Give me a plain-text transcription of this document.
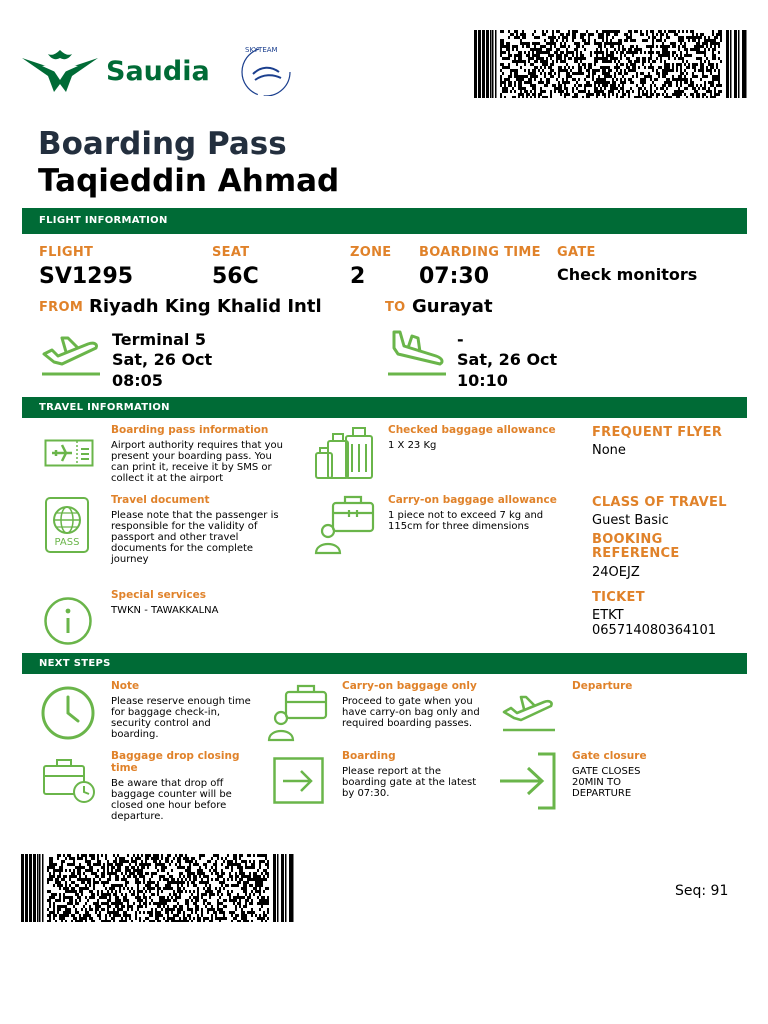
Saudia
SKYTEAM
Boarding Pass
Taqieddin Ahmad
FLIGHT INFORMATION
FLIGHT
SV1295
SEAT
56C
ZONE
2
BOARDING TIME
07:30
GATE
Check monitors
FROM Riyadh King Khalid Intl	TO Gurayat
Terminal 5
Sat, 26 Oct
08:05
-
Sat, 26 Oct
10:10
TRAVEL INFORMATION
Boarding pass information
Airport authority requires that you present your boarding pass. You can print it, receive it by SMS or collect it at the airport
PASS
Travel document
Please note that the passenger is responsible for the validity of passport and other travel documents for the complete journey
Special services
TWKN - TAWAKKALNA
Checked baggage allowance
1 X 23 Kg
Carry-on baggage allowance
1 piece not to exceed 7 kg and 115cm for three dimensions
FREQUENT FLYER
None
CLASS OF TRAVEL
Guest Basic
BOOKING
REFERENCE
24OEJZ
TICKET
ETKT
065714080364101
NEXT STEPS
Note
Please reserve enough time for baggage check-in, security control and boarding.
Baggage drop closing time
Be aware that drop off baggage counter will be closed one hour before departure.
Carry-on baggage only
Proceed to gate when you have carry-on bag only and required boarding passes.
Boarding
Please report at the boarding gate at the latest by 07:30.
Departure
Gate closure
GATE CLOSES 20MIN TO DEPARTURE
Seq: 91
